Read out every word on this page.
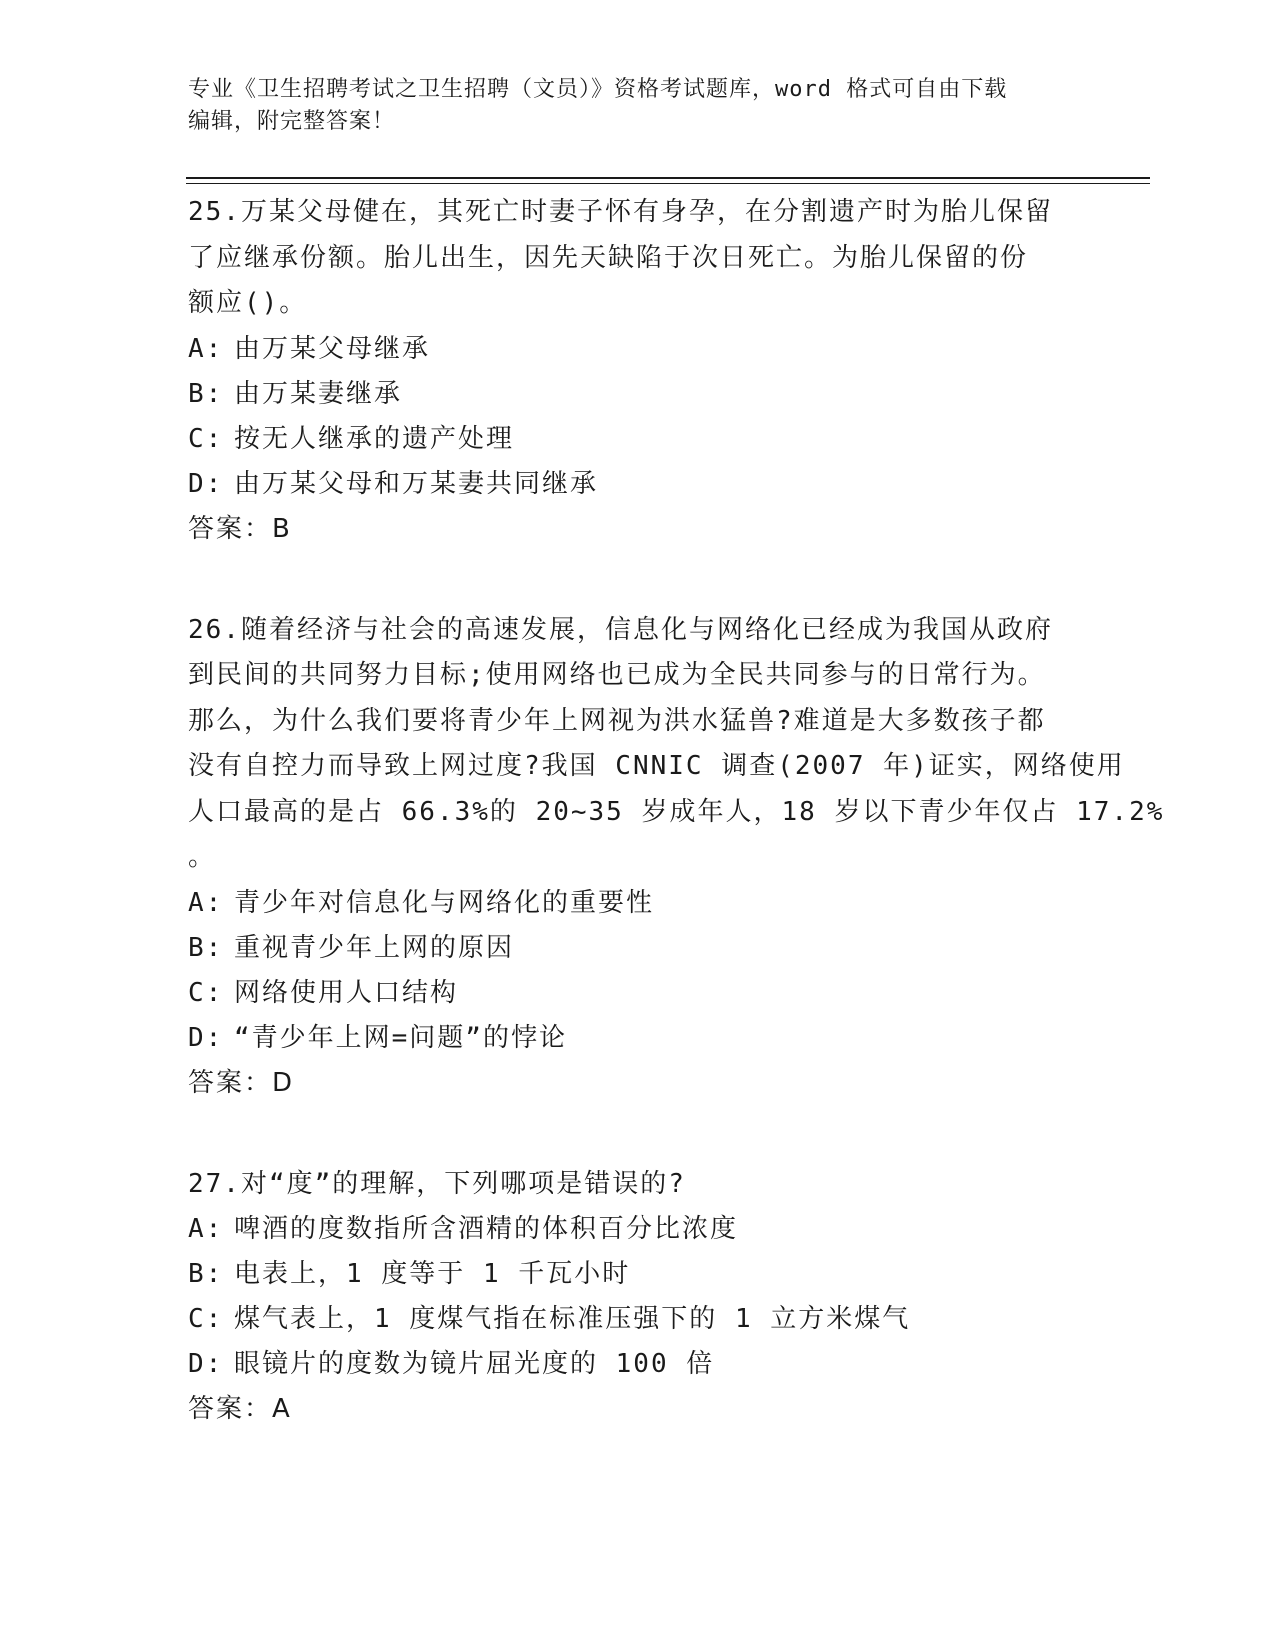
专业《卫生招聘考试之卫生招聘（文员）》资格考试题库，word 格式可自由下载
编辑，附完整答案！
25.万某父母健在，其死亡时妻子怀有身孕，在分割遗产时为胎儿保留
了应继承份额。胎儿出生，因先天缺陷于次日死亡。为胎儿保留的份
额应()。
A: 由万某父母继承
B: 由万某妻继承
C: 按无人继承的遗产处理
D: 由万某父母和万某妻共同继承
答案：B
26.随着经济与社会的高速发展，信息化与网络化已经成为我国从政府
到民间的共同努力目标;使用网络也已成为全民共同参与的日常行为。
那么，为什么我们要将青少年上网视为洪水猛兽?难道是大多数孩子都
没有自控力而导致上网过度?我国 CNNIC 调查(2007 年)证实，网络使用
人口最高的是占 66.3%的 20~35 岁成年人，18 岁以下青少年仅占 17.2%
。
A: 青少年对信息化与网络化的重要性
B: 重视青少年上网的原因
C: 网络使用人口结构
D: “青少年上网=问题”的悖论
答案：D
27.对“度”的理解，下列哪项是错误的?
A: 啤酒的度数指所含酒精的体积百分比浓度
B: 电表上，1 度等于 1 千瓦小时
C: 煤气表上，1 度煤气指在标准压强下的 1 立方米煤气
D: 眼镜片的度数为镜片屈光度的 100 倍
答案：A
